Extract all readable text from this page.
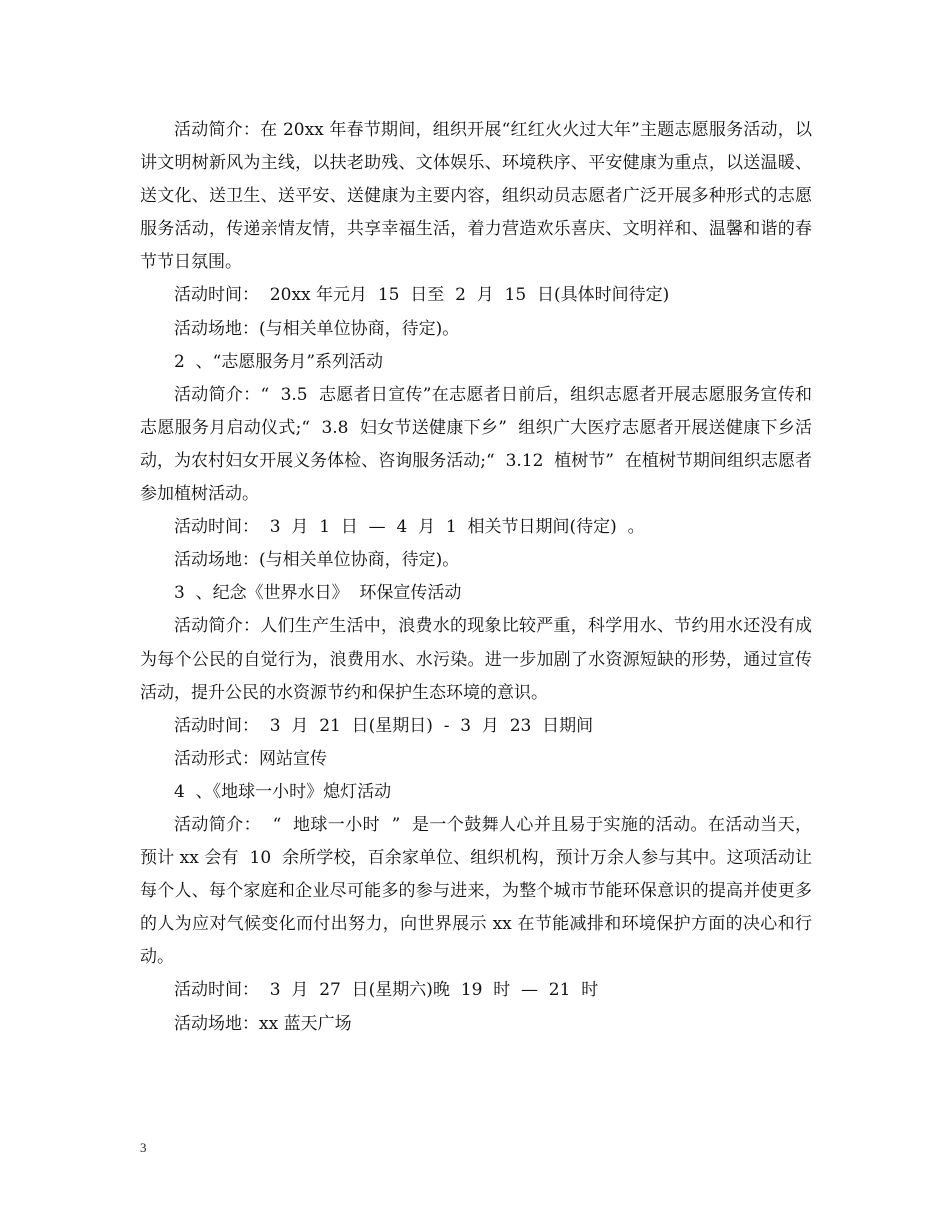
活动简介：在 20xx 年春节期间，组织开展“红红火火过大年”主题志愿服务活动，以讲文明树新风为主线，以扶老助残、文体娱乐、环境秩序、平安健康为重点，以送温暖、送文化、送卫生、送平安、送健康为主要内容，组织动员志愿者广泛开展多种形式的志愿服务活动，传递亲情友情，共享幸福生活，着力营造欢乐喜庆、文明祥和、温馨和谐的春节节日氛围。

活动时间：  20xx 年元月  15  日至  2  月  15  日(具体时间待定)

活动场地：(与相关单位协商，待定)。

2  、“志愿服务月”系列活动

活动简介：“  3.5  志愿者日宣传”在志愿者日前后，组织志愿者开展志愿服务宣传和志愿服务月启动仪式;“  3.8  妇女节送健康下乡”  组织广大医疗志愿者开展送健康下乡活动，为农村妇女开展义务体检、咨询服务活动;“  3.12  植树节”  在植树节期间组织志愿者参加植树活动。

活动时间：  3  月  1  日  —  4  月  1  相关节日期间(待定)  。

活动场地：(与相关单位协商，待定)。

3  、纪念《世界水日》  环保宣传活动

活动简介：人们生产生活中，浪费水的现象比较严重，科学用水、节约用水还没有成为每个公民的自觉行为，浪费用水、水污染。进一步加剧了水资源短缺的形势，通过宣传活动，提升公民的水资源节约和保护生态环境的意识。

活动时间：  3  月  21  日(星期日)  -  3  月  23  日期间

活动形式：网站宣传

4  、《地球一小时》熄灯活动

活动简介：  “  地球一小时  ”  是一个鼓舞人心并且易于实施的活动。在活动当天，预计 xx 会有  10  余所学校，百余家单位、组织机构，预计万余人参与其中。这项活动让每个人、每个家庭和企业尽可能多的参与进来，为整个城市节能环保意识的提高并使更多的人为应对气候变化而付出努力，向世界展示 xx 在节能减排和环境保护方面的决心和行动。

活动时间：  3  月  27  日(星期六)晚  19  时  —  21  时

活动场地：xx 蓝天广场

3
